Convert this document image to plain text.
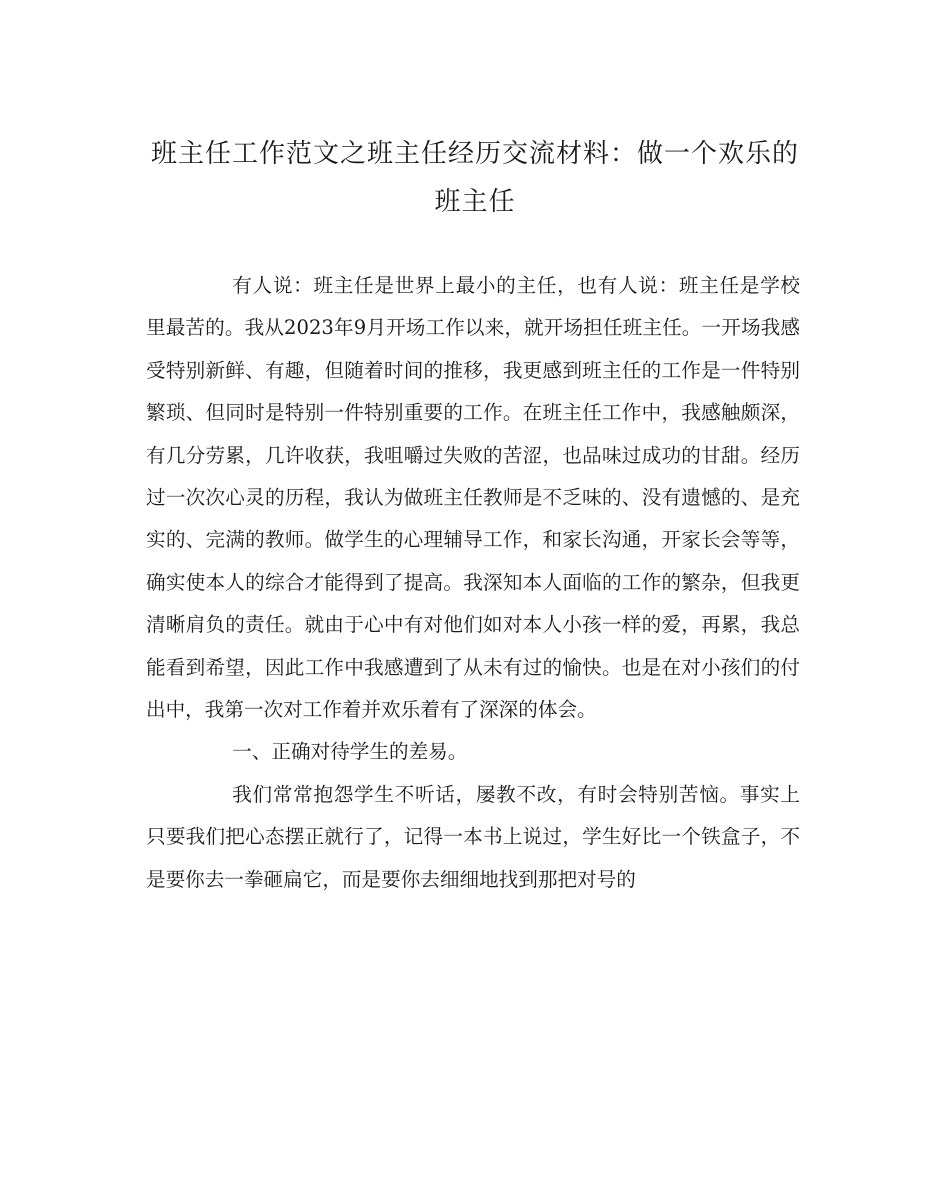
班主任工作范文之班主任经历交流材料：做一个欢乐的班主任

有人说：班主任是世界上最小的主任，也有人说：班主任是学校里最苦的。我从2023年9月开场工作以来，就开场担任班主任。一开场我感受特别新鲜、有趣，但随着时间的推移，我更感到班主任的工作是一件特别繁琐、但同时是特别一件特别重要的工作。在班主任工作中，我感触颇深，有几分劳累，几许收获，我咀嚼过失败的苦涩，也品味过成功的甘甜。经历过一次次心灵的历程，我认为做班主任教师是不乏味的、没有遗憾的、是充实的、完满的教师。做学生的心理辅导工作，和家长沟通，开家长会等等，确实使本人的综合才能得到了提高。我深知本人面临的工作的繁杂，但我更清晰肩负的责任。就由于心中有对他们如对本人小孩一样的爱，再累，我总能看到希望，因此工作中我感遭到了从未有过的愉快。也是在对小孩们的付出中，我第一次对工作着并欢乐着有了深深的体会。

一、正确对待学生的差易。

我们常常抱怨学生不听话，屡教不改，有时会特别苦恼。事实上只要我们把心态摆正就行了，记得一本书上说过，学生好比一个铁盒子，不是要你去一拳砸扁它，而是要你去细细地找到那把对号的
